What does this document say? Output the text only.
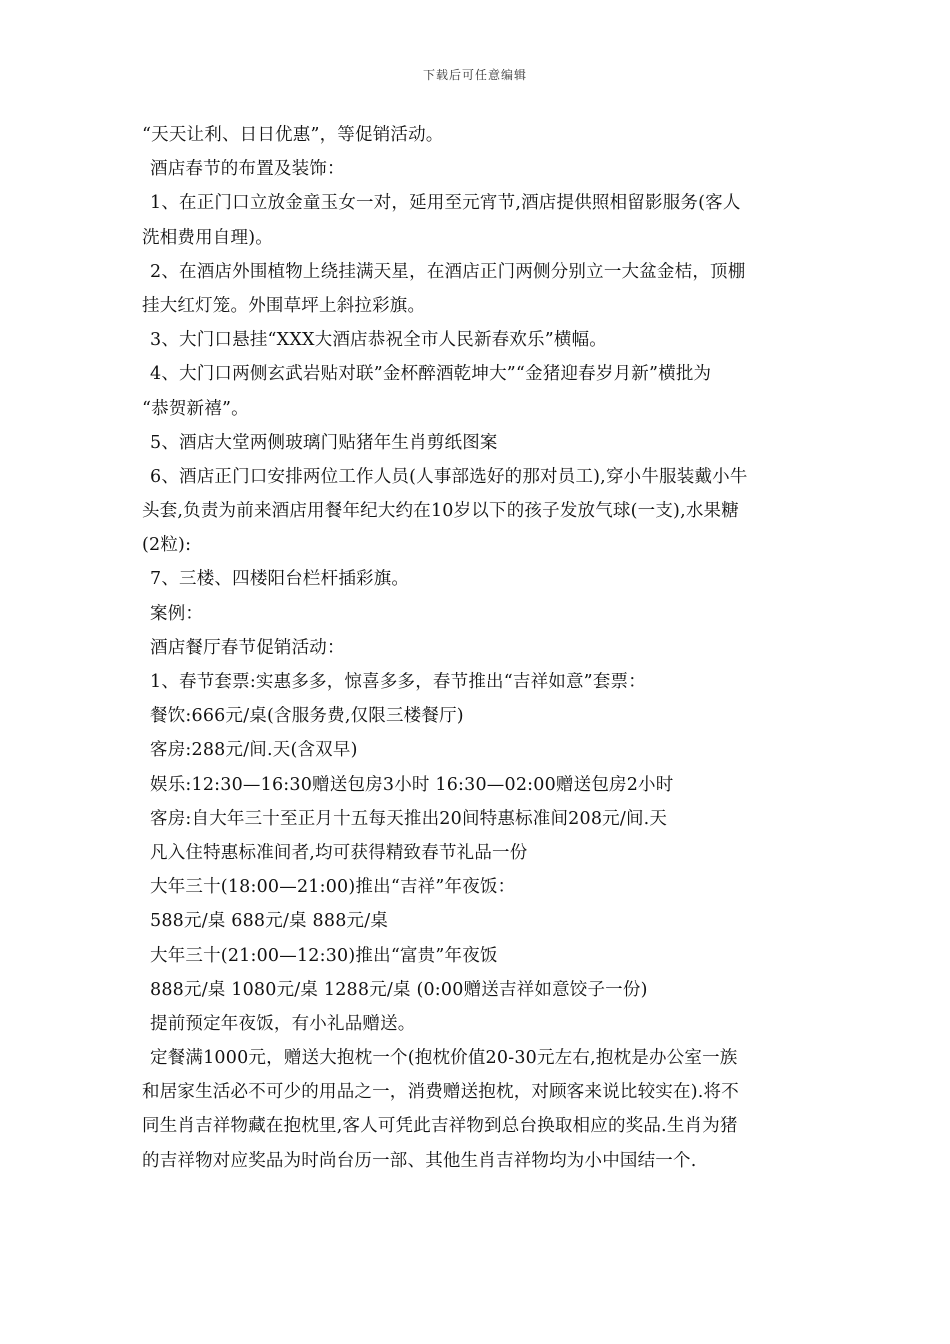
下载后可任意编辑
“天天让利、日日优惠”，等促销活动。
酒店春节的布置及装饰：
1、在正门口立放金童玉女一对，延用至元宵节,酒店提供照相留影服务(客人
洗相费用自理)。
2、在酒店外围植物上绕挂满天星，在酒店正门两侧分别立一大盆金桔，顶棚
挂大红灯笼。外围草坪上斜拉彩旗。
3、大门口悬挂“XXX大酒店恭祝全市人民新春欢乐”横幅。
4、大门口两侧玄武岩贴对联”金杯醉酒乾坤大”“金猪迎春岁月新”横批为
“恭贺新禧”。
5、酒店大堂两侧玻璃门贴猪年生肖剪纸图案
6、酒店正门口安排两位工作人员(人事部选好的那对员工),穿小牛服装戴小牛
头套,负责为前来酒店用餐年纪大约在10岁以下的孩子发放气球(一支),水果糖
(2粒):
7、三楼、四楼阳台栏杆插彩旗。
案例：
酒店餐厅春节促销活动：
1、春节套票:实惠多多，惊喜多多，春节推出“吉祥如意”套票：
餐饮:666元/桌(含服务费,仅限三楼餐厅)
客房:288元/间.天(含双早)
娱乐:12:30—16:30赠送包房3小时 16:30—02:00赠送包房2小时
客房:自大年三十至正月十五每天推出20间特惠标准间208元/间.天
凡入住特惠标准间者,均可获得精致春节礼品一份
大年三十(18:00—21:00)推出“吉祥”年夜饭：
588元/桌 688元/桌 888元/桌
大年三十(21:00—12:30)推出“富贵”年夜饭
888元/桌 1080元/桌 1288元/桌 (0:00赠送吉祥如意饺子一份)
提前预定年夜饭，有小礼品赠送。
定餐满1000元，赠送大抱枕一个(抱枕价值20-30元左右,抱枕是办公室一族
和居家生活必不可少的用品之一，消费赠送抱枕，对顾客来说比较实在).将不
同生肖吉祥物藏在抱枕里,客人可凭此吉祥物到总台换取相应的奖品.生肖为猪
的吉祥物对应奖品为时尚台历一部、其他生肖吉祥物均为小中国结一个.
